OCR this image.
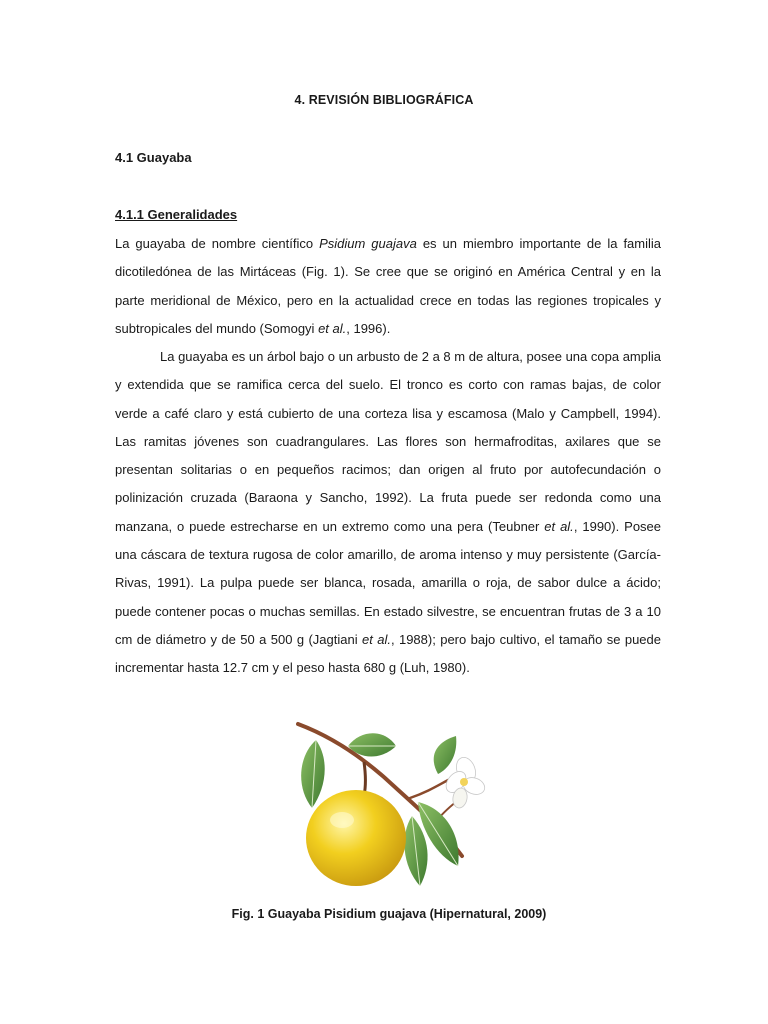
4. REVISIÓN BIBLIOGRÁFICA
4.1 Guayaba
4.1.1 Generalidades

La guayaba de nombre científico Psidium guajava es un miembro importante de la familia dicotiledónea de las Mirtáceas (Fig. 1). Se cree que se originó en América Central y en la parte meridional de México, pero en la actualidad crece en todas las regiones tropicales y subtropicales del mundo (Somogyi et al., 1996).

La guayaba es un árbol bajo o un arbusto de 2 a 8 m de altura, posee una copa amplia y extendida que se ramifica cerca del suelo. El tronco es corto con ramas bajas, de color verde a café claro y está cubierto de una corteza lisa y escamosa (Malo y Campbell, 1994). Las ramitas jóvenes son cuadrangulares. Las flores son hermafroditas, axilares que se presentan solitarias o en pequeños racimos; dan origen al fruto por autofecundación o polinización cruzada (Baraona y Sancho, 1992). La fruta puede ser redonda como una manzana, o puede estrecharse en un extremo como una pera (Teubner et al., 1990). Posee una cáscara de textura rugosa de color amarillo, de aroma intenso y muy persistente (García-Rivas, 1991). La pulpa puede ser blanca, rosada, amarilla o roja, de sabor dulce a ácido; puede contener pocas o muchas semillas. En estado silvestre, se encuentran frutas de 3 a 10 cm de diámetro y de 50 a 500 g (Jagtiani et al., 1988); pero bajo cultivo, el tamaño se puede incrementar hasta 12.7 cm y el peso hasta 680 g (Luh, 1980).

Fig. 1 Guayaba Pisidium guajava (Hipernatural, 2009)
